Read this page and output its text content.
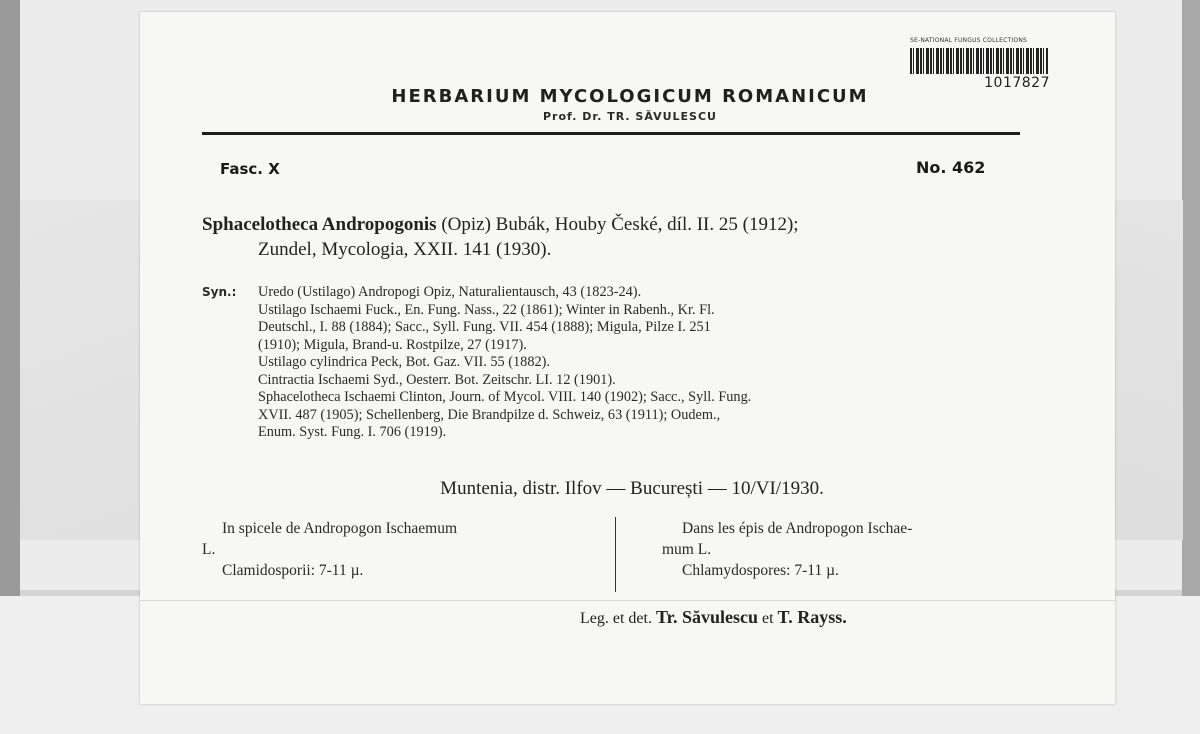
HERBARIUM MYCOLOGICUM ROMANICUM
Prof. Dr. TR. SĂVULESCU
SE-NATIONAL FUNGUS COLLECTIONS
1017827
Fasc. X	No. 462
Sphacelotheca Andropogonis (Opiz) Bubák, Houby České, díl. II. 25 (1912);
Zundel, Mycologia, XXII. 141 (1930).
Syn.: Uredo (Ustilago) Andropogi Opiz, Naturalientausch, 43 (1823-24).
Ustilago Ischaemi Fuck., En. Fung. Nass., 22 (1861); Winter in Rabenh., Kr. Fl.
Deutschl., I. 88 (1884); Sacc., Syll. Fung. VII. 454 (1888); Migula, Pilze I. 251
(1910); Migula, Brand-u. Rostpilze, 27 (1917).
Ustilago cylindrica Peck, Bot. Gaz. VII. 55 (1882).
Cintractia Ischaemi Syd., Oesterr. Bot. Zeitschr. LI. 12 (1901).
Sphacelotheca Ischaemi Clinton, Journ. of Mycol. VIII. 140 (1902); Sacc., Syll. Fung.
XVII. 487 (1905); Schellenberg, Die Brandpilze d. Schweiz, 63 (1911); Oudem.,
Enum. Syst. Fung. I. 706 (1919).
Muntenia, distr. Ilfov — București — 10/VI/1930.
In spicele de Andropogon Ischaemum
L.
Clamidosporii: 7-11 µ.
Dans les épis de Andropogon Ischae-
mum L.
Chlamydospores: 7-11 µ.
Leg. et det. Tr. Săvulescu et T. Rayss.
